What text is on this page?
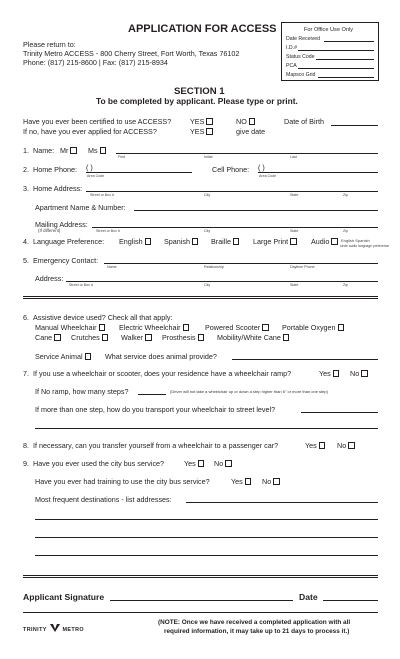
APPLICATION FOR ACCESS
Please return to:
Trinity Metro ACCESS - 800 Cherry Street, Fort Worth, Texas 76102
Phone: (817) 215-8600 | Fax: (817) 215-8934
For Office Use Only
Date Received
I.D.#
Status Code
PCA
Mapsco Grid
SECTION 1
To be completed by applicant. Please type or print.
Have you ever been certified to use ACCESS?	YES	NO	Date of Birth
If no, have you ever applied for ACCESS?	YES	give date
1. Name: Mr	Ms
First	Initial	Last
2. Home Phone: ( )
Area Code
Cell Phone: ( )
Area Code
3. Home Address:
Street or Box #	City	State	Zip
Apartment Name & Number:
Mailing Address:
(If different)	Street or Box #	City	State	Zip
4. Language Preference: English	Spanish	Braille	Large Print	Audio	English Spanish
circle audio language preference
5. Emergency Contact:
Name	Relationship	Daytime Phone
Address:
Street or Box #	City	State	Zip
6. Assistive device used? Check all that apply:
Manual Wheelchair	Electric Wheelchair	Powered Scooter	Portable Oxygen
Cane	Crutches	Walker	Prosthesis	Mobility/White Cane
Service Animal	What service does animal provide?
7. If you use a wheelchair or scooter, does your residence have a wheelchair ramp?	Yes	No
If No ramp, how many steps?	(Driver will not take a wheelchair up or down a step higher than 6" or more than one step)
If more than one step, how do you transport your wheelchair to street level?
8. If necessary, can you transfer yourself from a wheelchair to a passenger car?	Yes	No
9. Have you ever used the city bus service?	Yes	No
Have you ever had training to use the city bus service?	Yes	No
Most frequent destinations - list addresses:
Applicant Signature	Date
TRINITY	METRO
(NOTE: Once we have received a completed application with all
required information, it may take up to 21 days to process it.)
